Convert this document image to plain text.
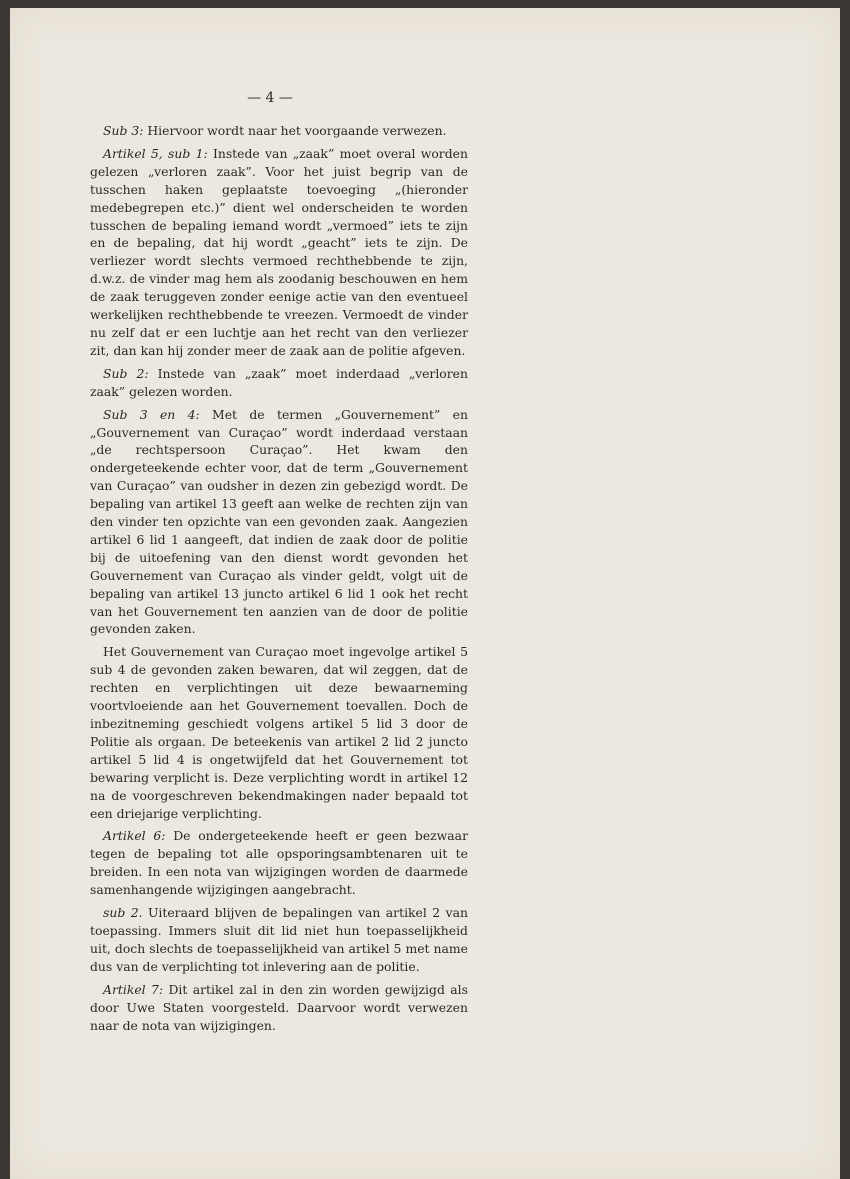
— 4 —

Sub 3: Hiervoor wordt naar het voorgaande verwezen.

Artikel 5, sub 1: Instede van „zaak” moet overal worden gelezen „verloren zaak”. Voor het juist begrip van de tusschen haken geplaatste toevoeging „(hieronder medebegrepen etc.)” dient wel onderscheiden te worden tusschen de bepaling iemand wordt „vermoed” iets te zijn en de bepaling, dat hij wordt „geacht” iets te zijn. De verliezer wordt slechts vermoed rechthebbende te zijn, d.w.z. de vinder mag hem als zoodanig beschouwen en hem de zaak teruggeven zonder eenige actie van den eventueel werkelijken rechthebbende te vreezen. Vermoedt de vinder nu zelf dat er een luchtje aan het recht van den verliezer zit, dan kan hij zonder meer de zaak aan de politie afgeven.

Sub 2: Instede van „zaak” moet inderdaad „verloren zaak” gelezen worden.

Sub 3 en 4: Met de termen „Gouvernement” en „Gouvernement van Curaçao” wordt inderdaad verstaan „de rechtspersoon Curaçao”. Het kwam den ondergeteekende echter voor, dat de term „Gouvernement van Curaçao” van oudsher in dezen zin gebezigd wordt. De bepaling van artikel 13 geeft aan welke de rechten zijn van den vinder ten opzichte van een gevonden zaak. Aangezien artikel 6 lid 1 aangeeft, dat indien de zaak door de politie bij de uitoefening van den dienst wordt gevonden het Gouvernement van Curaçao als vinder geldt, volgt uit de bepaling van artikel 13 juncto artikel 6 lid 1 ook het recht van het Gouvernement ten aanzien van de door de politie gevonden zaken.

Het Gouvernement van Curaçao moet ingevolge artikel 5 sub 4 de gevonden zaken bewaren, dat wil zeggen, dat de rechten en verplichtingen uit deze bewaarneming voortvloeiende aan het Gouvernement toevallen. Doch de inbezitneming geschiedt volgens artikel 5 lid 3 door de Politie als orgaan. De beteekenis van artikel 2 lid 2 juncto artikel 5 lid 4 is ongetwijfeld dat het Gouvernement tot bewaring verplicht is. Deze verplichting wordt in artikel 12 na de voorgeschreven bekendmakingen nader bepaald tot een driejarige verplichting.

Artikel 6: De ondergeteekende heeft er geen bezwaar tegen de bepaling tot alle opsporingsambtenaren uit te breiden. In een nota van wijzigingen worden de daarmede samenhangende wijzigingen aangebracht.

sub 2. Uiteraard blijven de bepalingen van artikel 2 van toepassing. Immers sluit dit lid niet hun toepasselijkheid uit, doch slechts de toepasselijkheid van artikel 5 met name dus van de verplichting tot inlevering aan de politie.

Artikel 7: Dit artikel zal in den zin worden gewijzigd als door Uwe Staten voorgesteld. Daarvoor wordt verwezen naar de nota van wijzigingen.
